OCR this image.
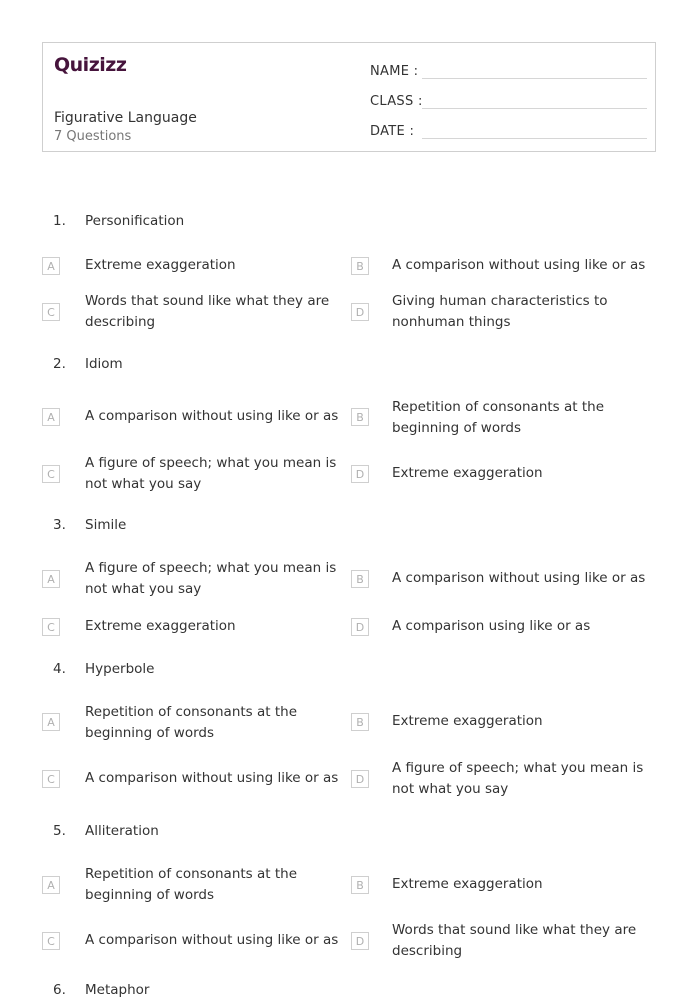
Quizizz
Figurative Language
7 Questions
NAME :
CLASS :
DATE :
1.	Personification
A	Extreme exaggeration	B	A comparison without using like or as
C
Words that sound like what they are describing
D
Giving human characteristics to nonhuman things
2.	Idiom
A	A comparison without using like or as	B
Repetition of consonants at the beginning of words
C
A figure of speech; what you mean is not what you say
D	Extreme exaggeration
3.	Simile
A
A figure of speech; what you mean is not what you say
B	A comparison without using like or as
C	Extreme exaggeration	D	A comparison using like or as
4.	Hyperbole
A
Repetition of consonants at the beginning of words
B	Extreme exaggeration
C	A comparison without using like or as	D
A figure of speech; what you mean is not what you say
5.	Alliteration
A
Repetition of consonants at the beginning of words
B	Extreme exaggeration
C	A comparison without using like or as	D
Words that sound like what they are describing
6.	Metaphor
